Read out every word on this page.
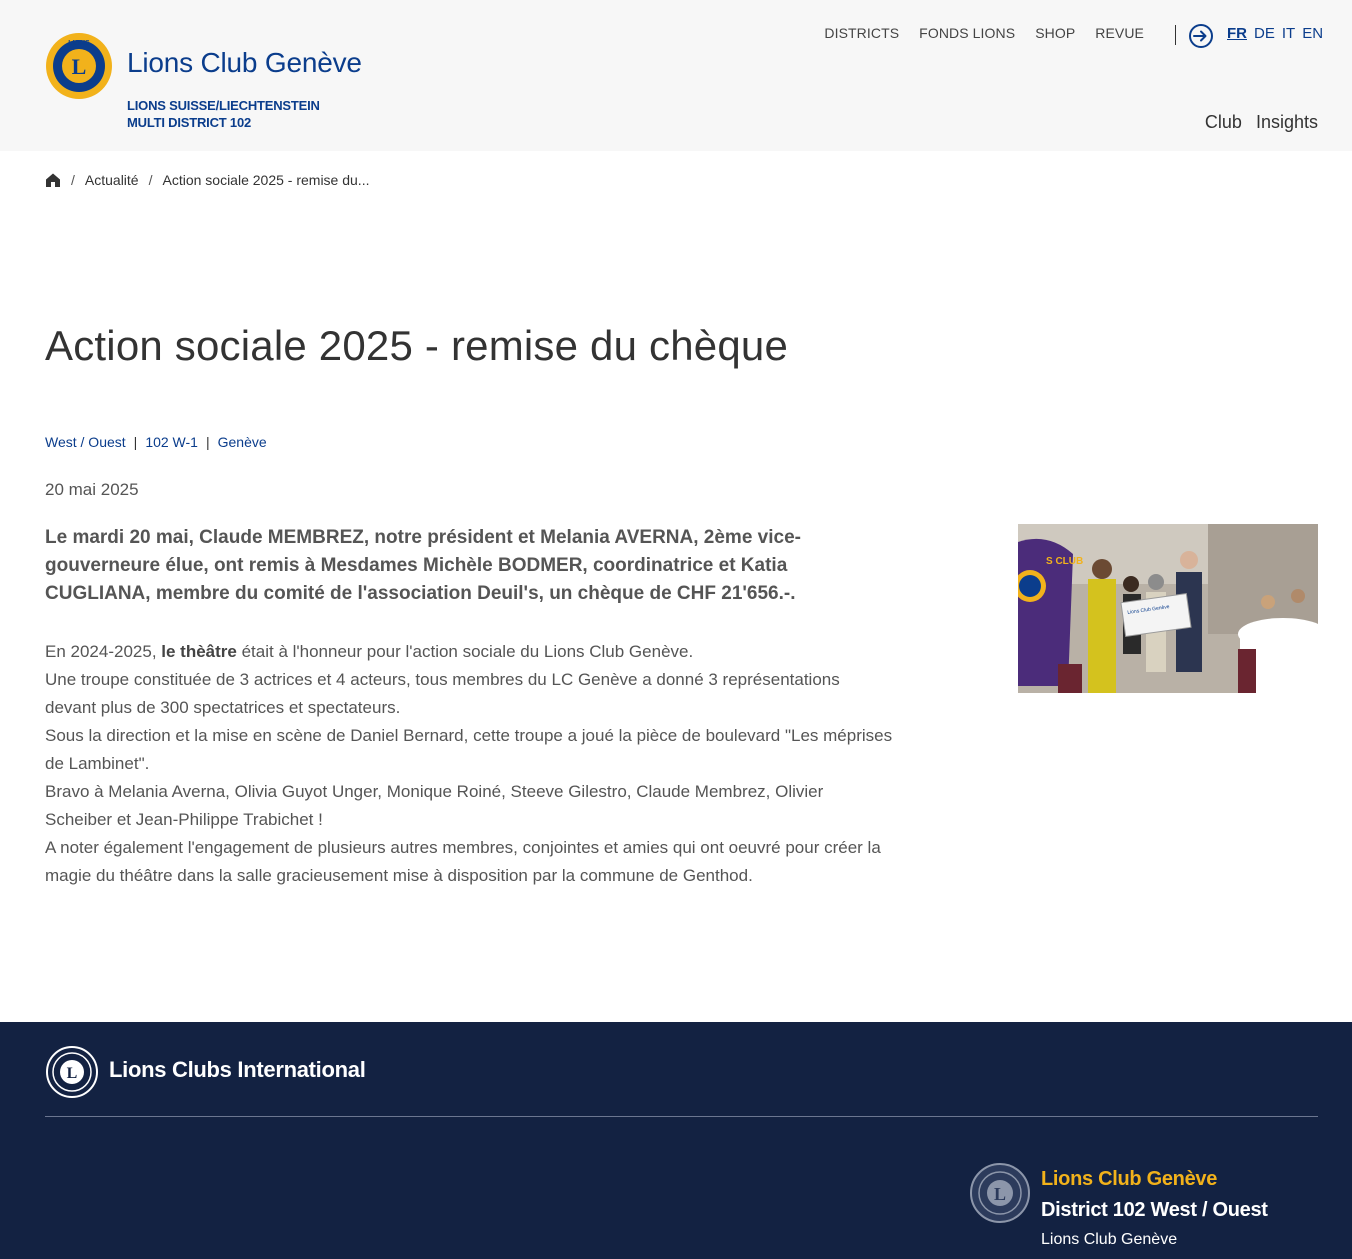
L
LIONS
Lions Club Genève
LIONS SUISSE/LIECHTENSTEIN
MULTI DISTRICT 102
DISTRICTS FONDS LIONS SHOP REVUE	FR DE IT EN
Club Insights
/ Actualité / Action sociale 2025 - remise du...
Action sociale 2025 - remise du chèque
West / Ouest | 102 W-1 | Genève
20 mai 2025
Le mardi 20 mai, Claude MEMBREZ, notre président et Melania AVERNA, 2ème vice-gouverneure élue, ont remis à Mesdames Michèle BODMER, coordinatrice et Katia CUGLIANA, membre du comité de l'association Deuil's, un chèque de CHF 21'656.-.

En 2024-2025, le thèâtre était à l'honneur pour l'action sociale du Lions Club Genève.

Une troupe constituée de 3 actrices et 4 acteurs, tous membres du LC Genève a donné 3 représentations devant plus de 300 spectatrices et spectateurs.

Sous la direction et la mise en scène de Daniel Bernard, cette troupe a joué la pièce de boulevard "Les méprises de Lambinet".

Bravo à Melania Averna, Olivia Guyot Unger, Monique Roiné, Steeve Gilestro, Claude Membrez, Olivier Scheiber et Jean-Philippe Trabichet !

A noter également l'engagement de plusieurs autres membres, conjointes et amies qui ont oeuvré pour créer la magie du théâtre dans la salle gracieusement mise à disposition par la commune de Genthod.

S CLUB
Lions Club Genève
L Lions Clubs International
L
Lions Club Genève
District 102 West / Ouest
Lions Club Genève
